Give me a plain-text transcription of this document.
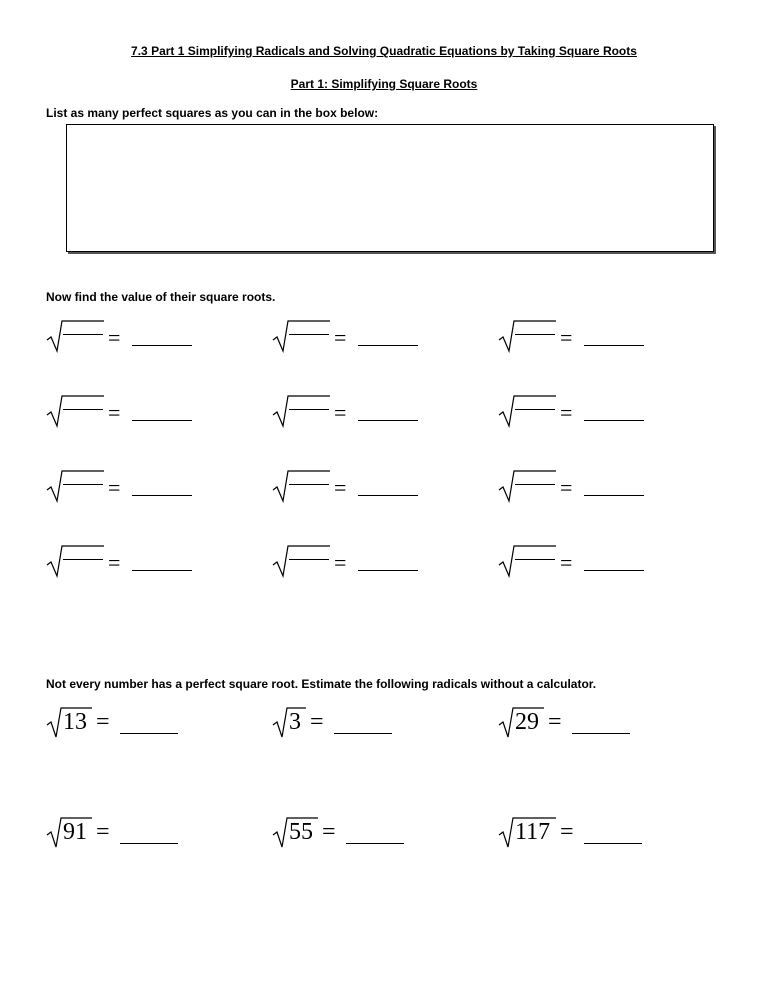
7.3 Part 1 Simplifying Radicals and Solving Quadratic Equations by Taking Square Roots
Part 1: Simplifying Square Roots
List as many perfect squares as you can in the box below:
Now find the value of their square roots.
=	=	=
=	=	=
=	=	=
=	=	=
Not every number has a perfect square root. Estimate the following radicals without a calculator.
13 =	3 =	29 =
91 =	55 =	117 =
